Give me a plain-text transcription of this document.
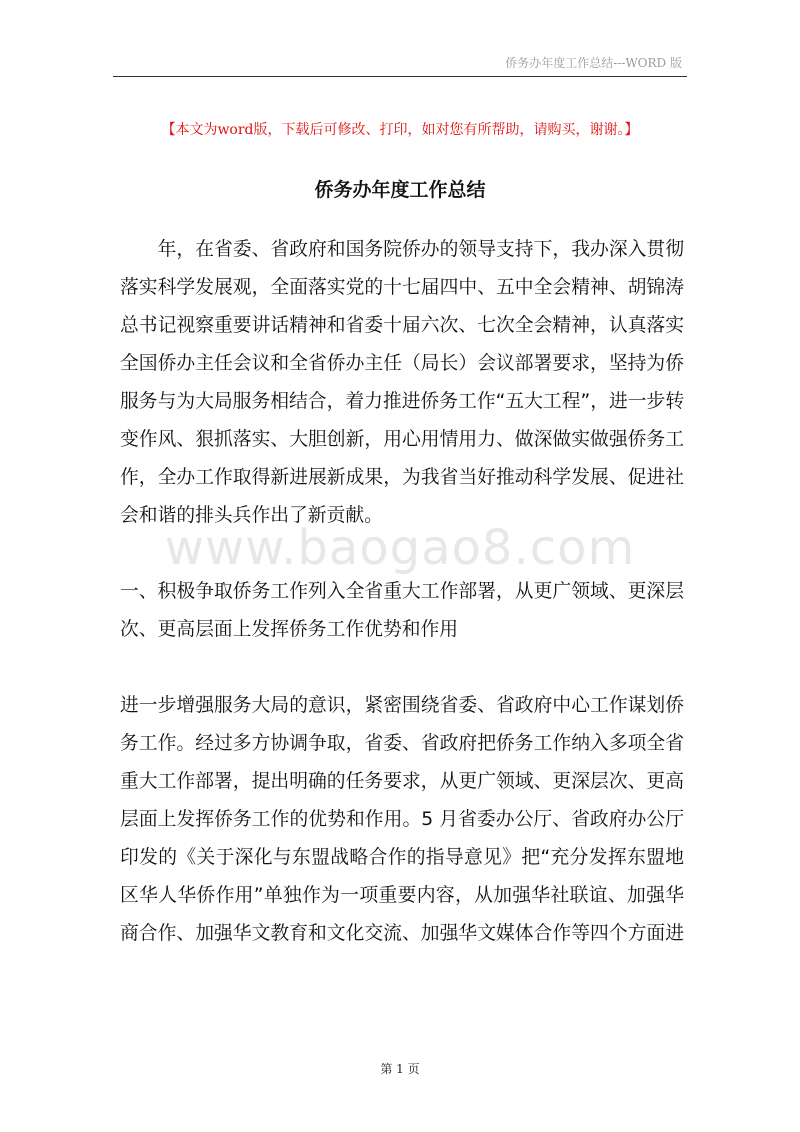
侨务办年度工作总结---WORD 版
【本文为word版，下载后可修改、打印，如对您有所帮助，请购买，谢谢。】
侨务办年度工作总结
www.baogao8.com

　　年，在省委、省政府和国务院侨办的领导支持下，我办深入贯彻
落实科学发展观，全面落实党的十七届四中、五中全会精神、胡锦涛
总书记视察重要讲话精神和省委十届六次、七次全会精神，认真落实
全国侨办主任会议和全省侨办主任（局长）会议部署要求，坚持为侨
服务与为大局服务相结合，着力推进侨务工作“五大工程”，进一步转
变作风、狠抓落实、大胆创新，用心用情用力、做深做实做强侨务工
作，全办工作取得新进展新成果，为我省当好推动科学发展、促进社
会和谐的排头兵作出了新贡献。

一、积极争取侨务工作列入全省重大工作部署，从更广领域、更深层
次、更高层面上发挥侨务工作优势和作用

进一步增强服务大局的意识，紧密围绕省委、省政府中心工作谋划侨
务工作。经过多方协调争取，省委、省政府把侨务工作纳入多项全省
重大工作部署，提出明确的任务要求，从更广领域、更深层次、更高
层面上发挥侨务工作的优势和作用。5 月省委办公厅、省政府办公厅
印发的《关于深化与东盟战略合作的指导意见》把“充分发挥东盟地
区华人华侨作用”单独作为一项重要内容，从加强华社联谊、加强华
商合作、加强华文教育和文化交流、加强华文媒体合作等四个方面进

第 1 页
